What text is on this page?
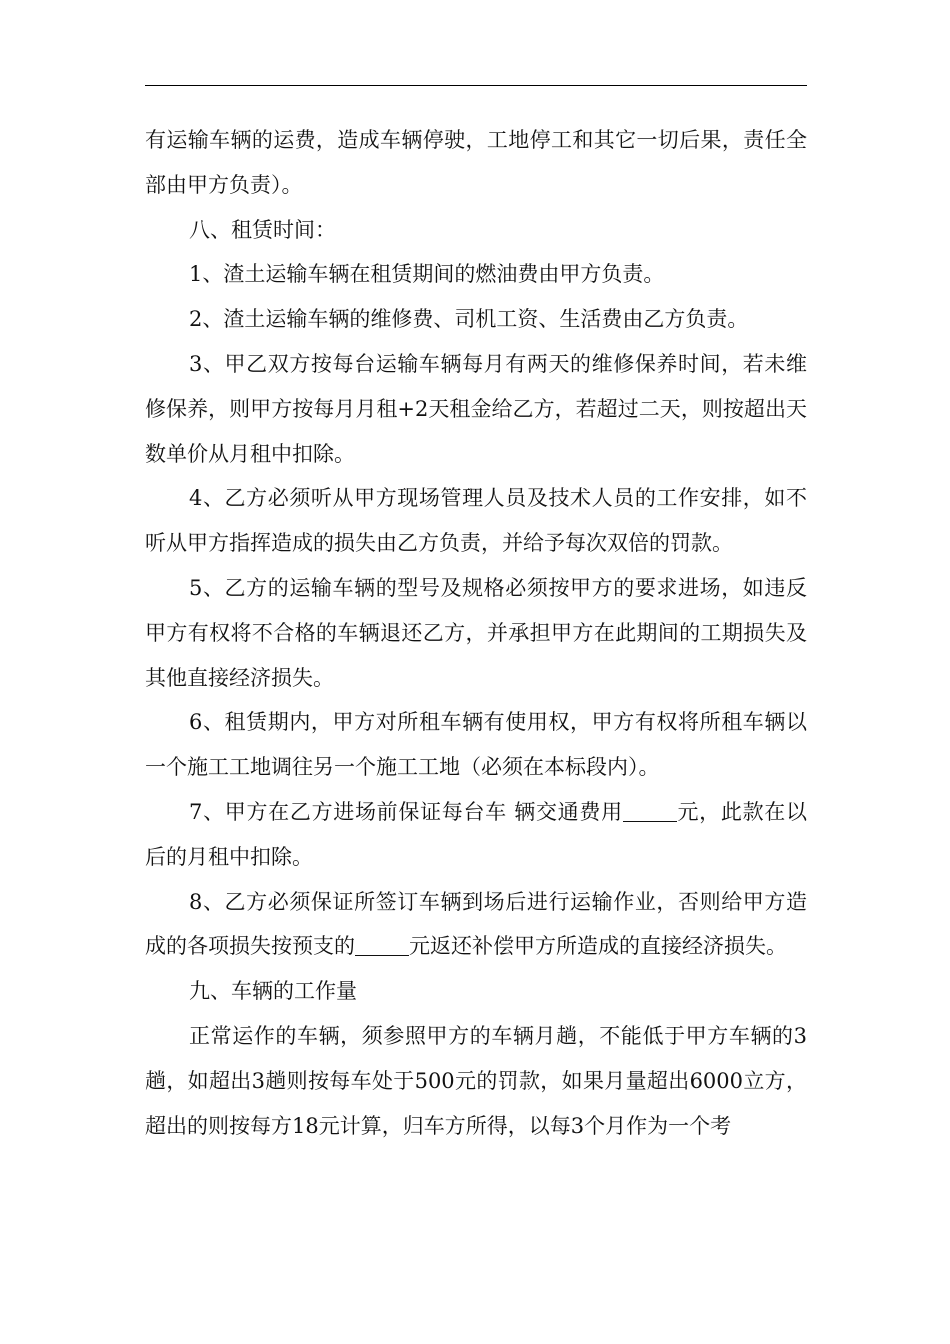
有运输车辆的运费，造成车辆停驶，工地停工和其它一切后果，责任全部由甲方负责）。

八、租赁时间：

1、渣土运输车辆在租赁期间的燃油费由甲方负责。

2、渣土运输车辆的维修费、司机工资、生活费由乙方负责。

3、甲乙双方按每台运输车辆每月有两天的维修保养时间，若未维修保养，则甲方按每月月租+2天租金给乙方，若超过二天，则按超出天数单价从月租中扣除。

4、乙方必须听从甲方现场管理人员及技术人员的工作安排，如不听从甲方指挥造成的损失由乙方负责，并给予每次双倍的罚款。

5、乙方的运输车辆的型号及规格必须按甲方的要求进场，如违反甲方有权将不合格的车辆退还乙方，并承担甲方在此期间的工期损失及其他直接经济损失。

6、租赁期内，甲方对所租车辆有使用权，甲方有权将所租车辆以一个施工工地调往另一个施工工地（必须在本标段内）。

7、甲方在乙方进场前保证每台车 辆交通费用	元，此款在以后的月租中扣除。

8、乙方必须保证所签订车辆到场后进行运输作业，否则给甲方造成的各项损失按预支的	元返还补偿甲方所造成的直接经济损失。

九、车辆的工作量

正常运作的车辆，须参照甲方的车辆月趟，不能低于甲方车辆的3趟，如超出3趟则按每车处于500元的罚款，如果月量超出6000立方，超出的则按每方18元计算，归车方所得，以每3个月作为一个考
